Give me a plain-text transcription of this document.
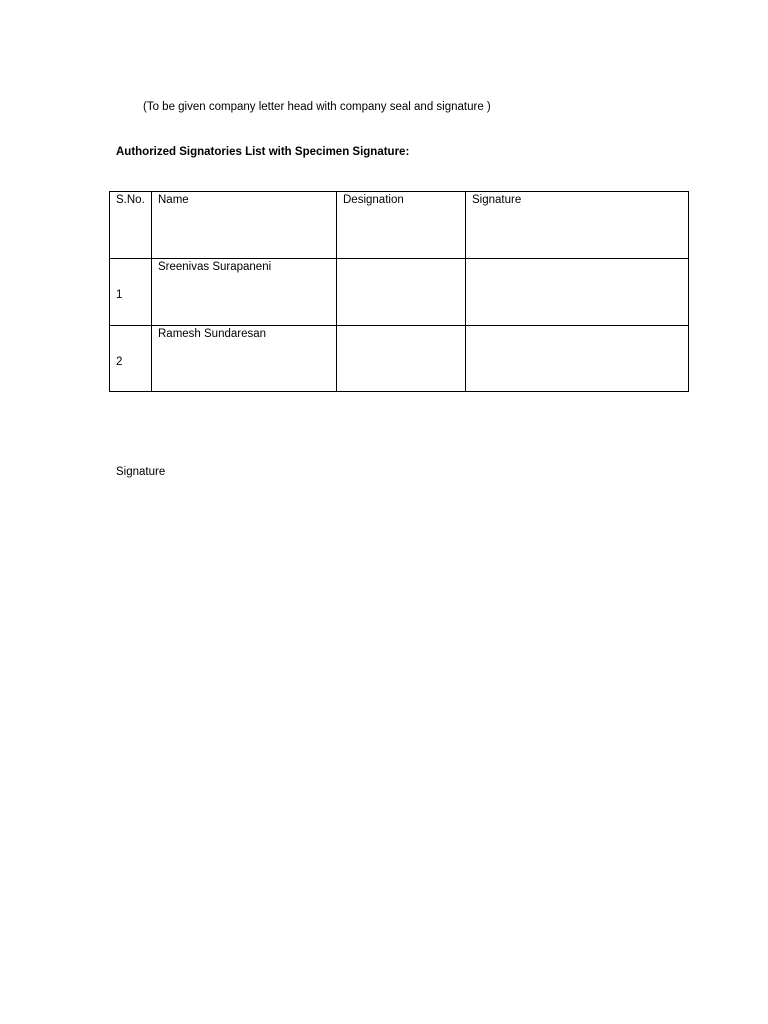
(To be given company letter head with company seal and signature )
Authorized Signatories List with Specimen Signature:
S.No.	Name	Designation	Signature

1	Sreenivas Surapaneni		

2	Ramesh Sundaresan		
Signature
